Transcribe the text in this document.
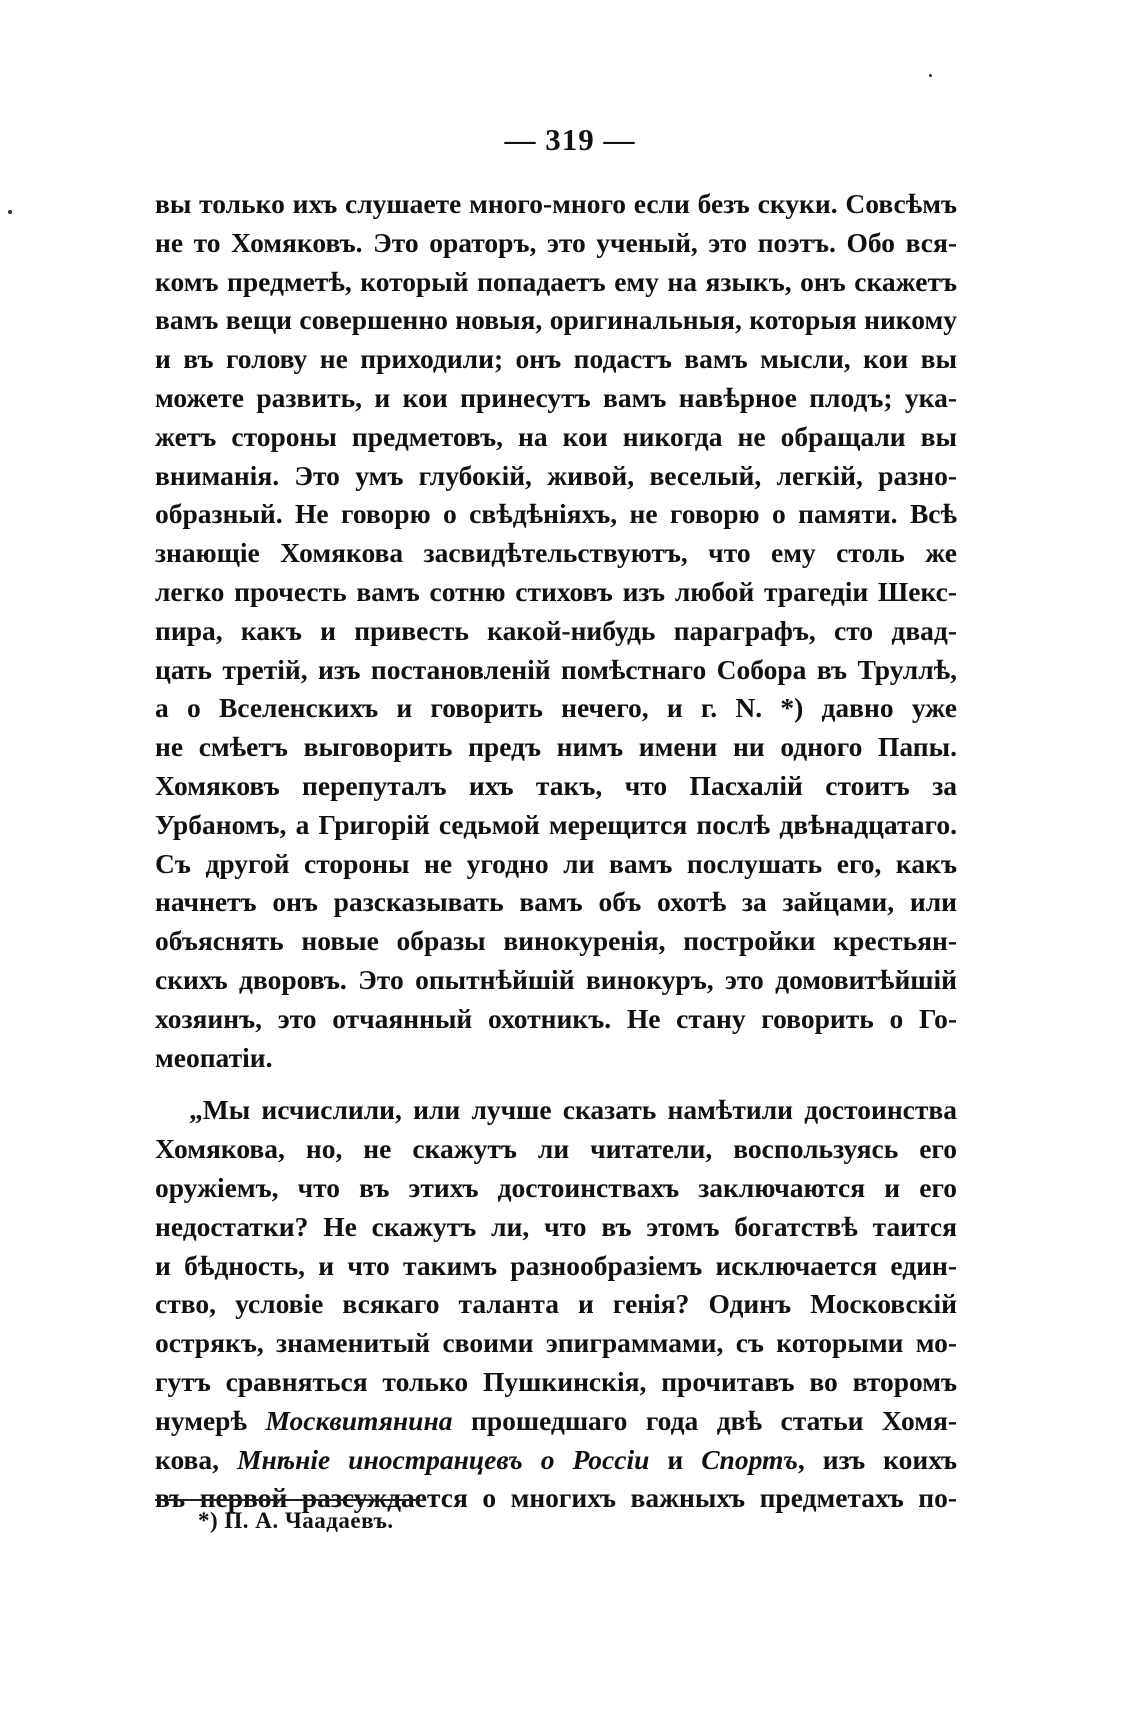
— 319 —

вы только ихъ слушаете много-много если безъ скуки. Совсѣмъ
не то Хомяковъ. Это ораторъ, это ученый, это поэтъ. Обо вся-
комъ предметѣ, который попадаетъ ему на языкъ, онъ скажетъ
вамъ вещи совершенно новыя, оригинальныя, которыя никому
и въ голову не приходили; онъ подастъ вамъ мысли, кои вы
можете развить, и кои принесутъ вамъ навѣрное плодъ; ука-
жетъ стороны предметовъ, на кои никогда не обращали вы
вниманія. Это умъ глубокій, живой, веселый, легкій, разно-
образный. Не говорю о свѣдѣніяхъ, не говорю о памяти. Всѣ
знающіе Хомякова засвидѣтельствуютъ, что ему столь же
легко прочесть вамъ сотню стиховъ изъ любой трагедіи Шекс-
пира, какъ и привесть какой-нибудь параграфъ, сто двад-
цать третій, изъ постановленій помѣстнаго Собора въ Труллѣ,
а о Вселенскихъ и говорить нечего, и г. N. *) давно уже
не смѣетъ выговорить предъ нимъ имени ни одного Папы.
Хомяковъ перепуталъ ихъ такъ, что Пасхалій стоитъ за
Урбаномъ, а Григорій седьмой мерещится послѣ двѣнадцатаго.
Съ другой стороны не угодно ли вамъ послушать его, какъ
начнетъ онъ разсказывать вамъ объ охотѣ за зайцами, или
объяснять новые образы винокуренія, постройки крестьян-
скихъ дворовъ. Это опытнѣйшій винокуръ, это домовитѣйшій
хозяинъ, это отчаянный охотникъ. Не стану говорить о Го-
меопатіи.
„Мы исчислили, или лучше сказать намѣтили достоинства
Хомякова, но, не скажутъ ли читатели, воспользуясь его
оружіемъ, что въ этихъ достоинствахъ заключаются и его
недостатки? Не скажутъ ли, что въ этомъ богатствѣ таится
и бѣдность, и что такимъ разнообразіемъ исключается един-
ство, условіе всякаго таланта и генія? Одинъ Московскій
острякъ, знаменитый своими эпиграммами, съ которыми мо-
гутъ сравняться только Пушкинскія, прочитавъ во второмъ
нумерѣ Москвитянина прошедшаго года двѣ статьи Хомя-
кова, Мнѣніе иностранцевъ о Россіи и Спортъ, изъ коихъ
въ первой разсуждается о многихъ важныхъ предметахъ по-
*) П. А. Чаадаевъ.
